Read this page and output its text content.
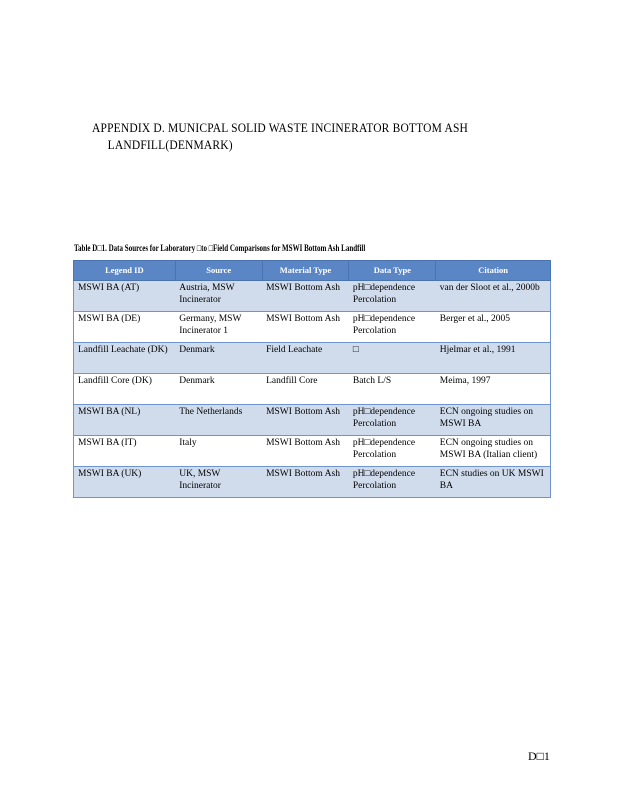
APPENDIX D. MUNICPAL SOLID WASTE INCINERATOR BOTTOM ASH
LANDFILL(DENMARK)
Table D□1. Data Sources for Laboratory □to □Field Comparisons for MSWI Bottom Ash Landfill
Legend ID	Source	Material Type	Data Type	Citation
MSWI BA (AT)	Austria, MSW Incinerator	MSWI Bottom Ash	pH□dependence Percolation	van der Sloot et al., 2000b
MSWI BA (DE)	Germany, MSW Incinerator 1	MSWI Bottom Ash	pH□dependence Percolation	Berger et al., 2005
Landfill Leachate (DK)	Denmark	Field Leachate	□	Hjelmar et al., 1991
Landfill Core (DK)	Denmark	Landfill Core	Batch L/S	Meima, 1997
MSWI BA (NL)	The Netherlands	MSWI Bottom Ash	pH□dependence Percolation	ECN ongoing studies on MSWI BA
MSWI BA (IT)	Italy	MSWI Bottom Ash	pH□dependence Percolation	ECN ongoing studies on MSWI BA (Italian client)
MSWI BA (UK)	UK, MSW Incinerator	MSWI Bottom Ash	pH□dependence Percolation	ECN studies on UK MSWI BA
D□1
